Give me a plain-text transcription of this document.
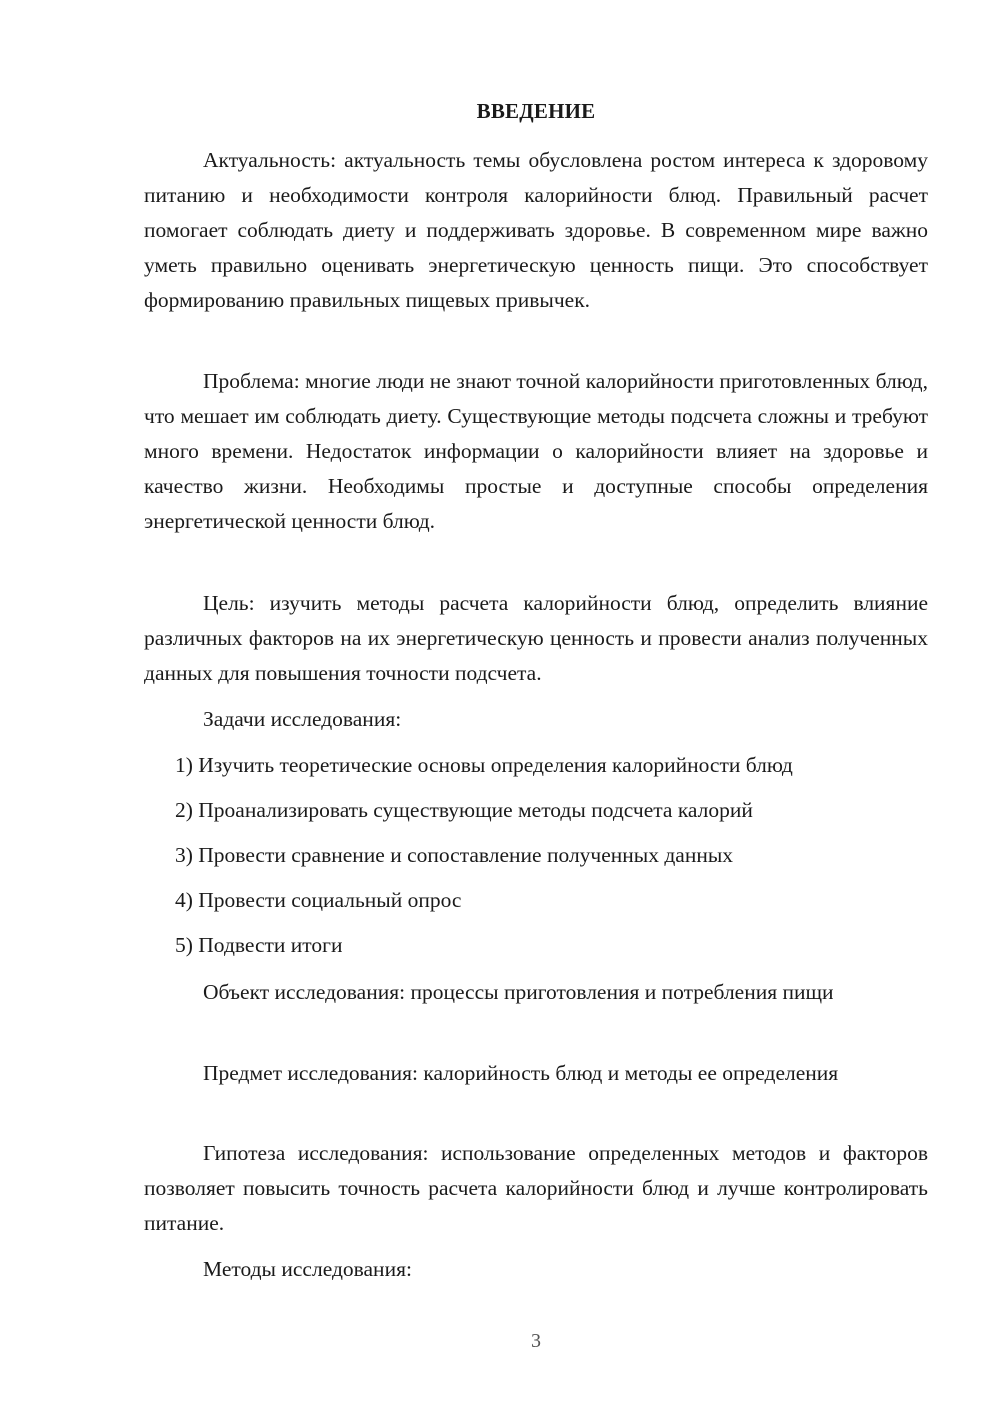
ВВЕДЕНИЕ

Актуальность: актуальность темы обусловлена ростом интереса к здоровому питанию и необходимости контроля калорийности блюд. Правильный расчет помогает соблюдать диету и поддерживать здоровье. В современном мире важно уметь правильно оценивать энергетическую ценность пищи. Это способствует формированию правильных пищевых привычек.

Проблема: многие люди не знают точной калорийности приготовленных блюд, что мешает им соблюдать диету. Существующие методы подсчета сложны и требуют много времени. Недостаток информации о калорийности влияет на здоровье и качество жизни. Необходимы простые и доступные способы определения энергетической ценности блюд.

Цель: изучить методы расчета калорийности блюд, определить влияние различных факторов на их энергетическую ценность и провести анализ полученных данных для повышения точности подсчета.

Задачи исследования:
1) Изучить теоретические основы определения калорийности блюд
2) Проанализировать существующие методы подсчета калорий
3) Провести сравнение и сопоставление полученных данных
4) Провести социальный опрос
5) Подвести итоги

Объект исследования: процессы приготовления и потребления пищи

Предмет исследования: калорийность блюд и методы ее определения

Гипотеза исследования: использование определенных методов и факторов позволяет повысить точность расчета калорийности блюд и лучше контролировать питание.

Методы исследования:
3
